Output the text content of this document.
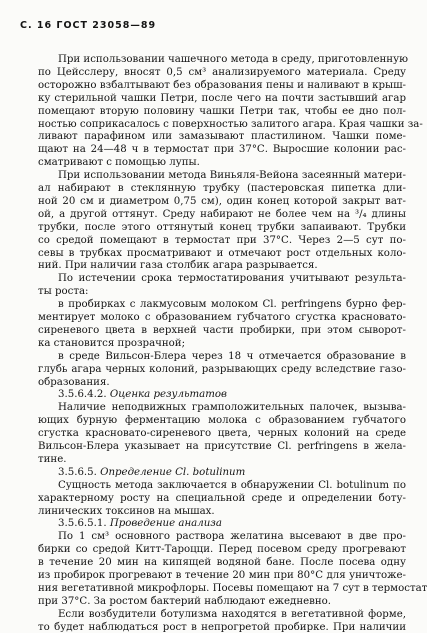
С. 16 ГОСТ 23058—89
При использовании чашечного метода в среду, приготовленную
по Цейсслеру, вносят 0,5 см³ анализируемого материала. Среду
осторожно взбалтывают без образования пены и наливают в крыш-
ку стерильной чашки Петри, после чего на почти застывший агар
помещают вторую половину чашки Петри так, чтобы ее дно пол-
ностью соприкасалось с поверхностью залитого агара. Края чашки за-
ливают парафином или замазывают пластилином. Чашки поме-
щают на 24—48 ч в термостат при 37°С. Выросшие колонии рас-
сматривают с помощью лупы.
При использовании метода Виньяля-Вейона засеянный матери-
ал набирают в стеклянную трубку (пастеровская пипетка дли-
ной 20 см и диаметром 0,75 см), один конец которой закрыт ват-
ой, а другой оттянут. Среду набирают не более чем на ³/₄ длины
трубки, после этого оттянутый конец трубки запаивают. Трубки
со средой помещают в термостат при 37°С. Через 2—5 сут по-
севы в трубках просматривают и отмечают рост отдельных коло-
ний. При наличии газа столбик агара разрывается.
По истечении срока термостатирования учитывают результа-
ты роста:
в пробирках с лакмусовым молоком Cl. perfringens бурно фер-
ментирует молоко с образованием губчатого сгустка красновато-
сиреневого цвета в верхней части пробирки, при этом сыворот-
ка становится прозрачной;
в среде Вильсон-Блера через 18 ч отмечается образование в
глубь агара черных колоний, разрывающих среду вследствие газо-
образования.
3.5.6.4.2. Оценка результатов
Наличие неподвижных грамположительных палочек, вызыва-
ющих бурную ферментацию молока с образованием губчатого
сгустка красновато-сиреневого цвета, черных колоний на среде
Вильсон-Блера указывает на присутствие Cl. perfringens в жела-
тине.
3.5.6.5. Определение Cl. botulinum
Сущность метода заключается в обнаружении Cl. botulinum по
характерному росту на специальной среде и определении боту-
линических токсинов на мышах.
3.5.6.5.1. Проведение анализа
По 1 см³ основного раствора желатина высевают в две про-
бирки со средой Китт-Тароцци. Перед посевом среду прогревают
в течение 20 мин на кипящей водяной бане. После посева одну
из пробирок прогревают в течение 20 мин при 80°С для уничтоже-
ния вегетативной микрофлоры. Посевы помещают на 7 сут в термостат
при 37°С. За ростом бактерий наблюдают ежедневно.
Если возбудители ботулизма находятся в вегетативной форме,
то будет наблюдаться рост в непрогретой пробирке. При наличии
